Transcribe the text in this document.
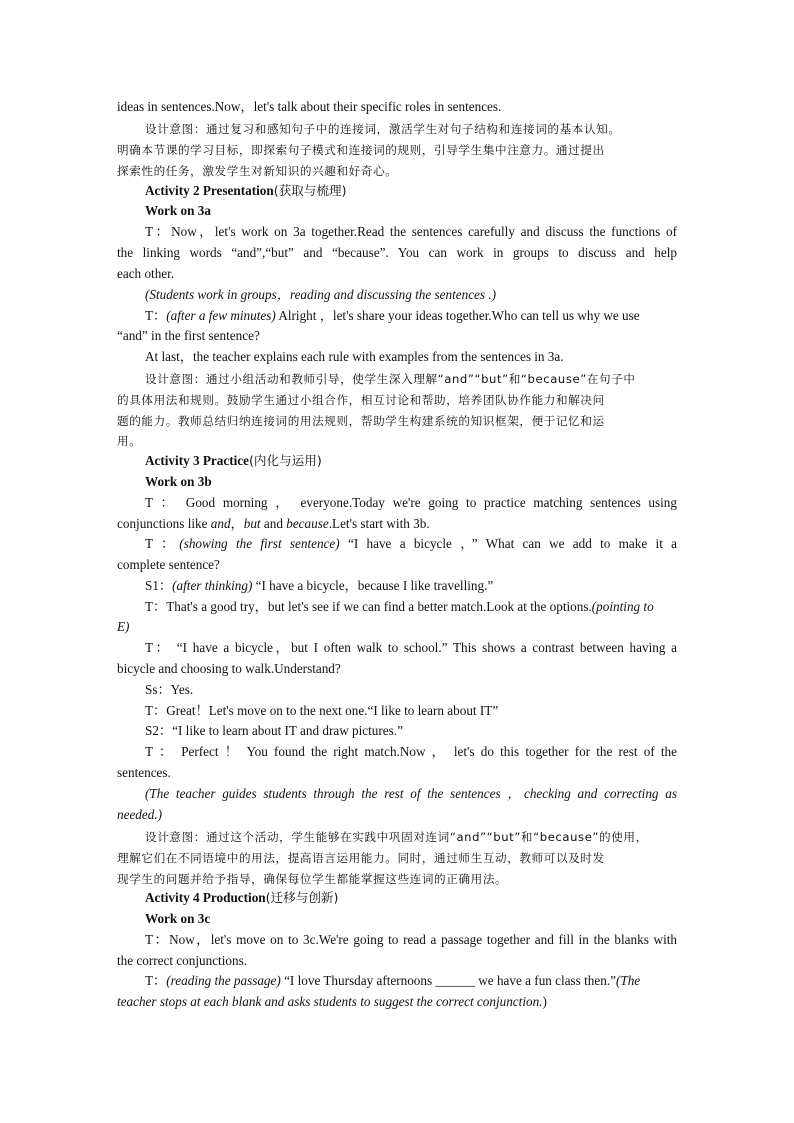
ideas in sentences.Now，let's talk about their specific roles in sentences.
设计意图：通过复习和感知句子中的连接词，激活学生对句子结构和连接词的基本认知。
明确本节课的学习目标，即探索句子模式和连接词的规则，引导学生集中注意力。通过提出
探索性的任务，激发学生对新知识的兴趣和好奇心。
Activity 2 Presentation(获取与梳理)
Work on 3a
T：Now，let's work on 3a together.Read the sentences carefully and discuss the functions of
the linking words “and”,“but” and “because”. You can work in groups to discuss and help
each other.
(Students work in groups，reading and discussing the sentences .)
T：(after a few minutes) Alright ，let's share your ideas together.Who can tell us why we use
“and” in the first sentence?
At last，the teacher explains each rule with examples from the sentences in 3a.
设计意图：通过小组活动和教师引导，使学生深入理解“and”“but”和“because”在句子中
的具体用法和规则。鼓励学生通过小组合作，相互讨论和帮助，培养团队协作能力和解决问
题的能力。教师总结归纳连接词的用法规则，帮助学生构建系统的知识框架，便于记忆和运
用。
Activity 3 Practice(内化与运用)
Work on 3b
T ： Good morning ， everyone.Today we're going to practice matching sentences using
conjunctions like and，but and because.Let's start with 3b.
T ：(showing the first sentence) “I have a bicycle ，” What can we add to make it a
complete sentence?
S1：(after thinking) “I have a bicycle，because I like travelling.”
T：That's a good try，but let's see if we can find a better match.Look at the options.(pointing to
E)
T： “I have a bicycle，but I often walk to school.” This shows a contrast between having a
bicycle and choosing to walk.Understand?
Ss：Yes.
T：Great！Let's move on to the next one.“I like to learn about IT”
S2：“I like to learn about IT and draw pictures.”
T ： Perfect ！ You found the right match.Now ， let's do this together for the rest of the
sentences.
(The teacher guides students through the rest of the sentences ，checking and correcting as
needed.)
设计意图：通过这个活动，学生能够在实践中巩固对连词“and”“but”和“because”的使用，
理解它们在不同语境中的用法，提高语言运用能力。同时，通过师生互动，教师可以及时发
现学生的问题并给予指导，确保每位学生都能掌握这些连词的正确用法。
Activity 4 Production(迁移与创新)
Work on 3c
T：Now，let's move on to 3c.We're going to read a passage together and fill in the blanks with
the correct conjunctions.
T：(reading the passage) “I love Thursday afternoons ______ we have a fun class then.”(The
teacher stops at each blank and asks students to suggest the correct conjunction.)
